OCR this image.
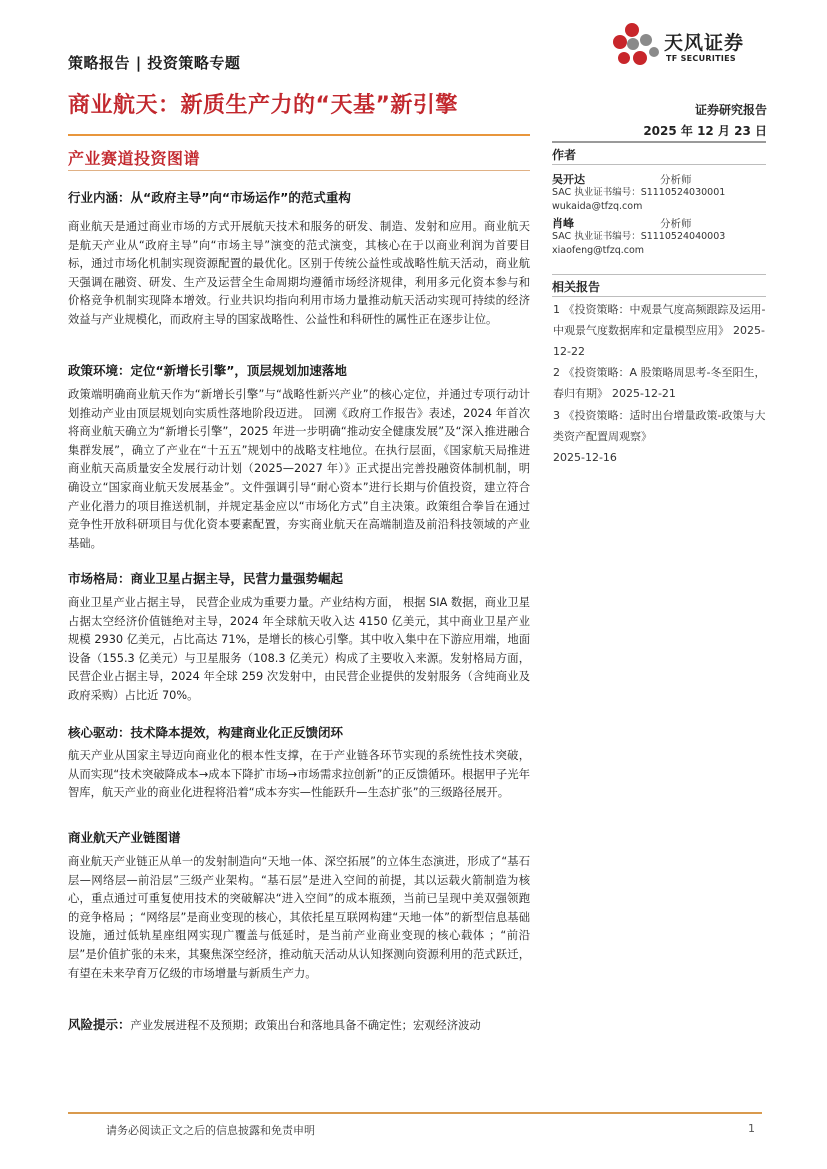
策略报告 | 投资策略专题
天风证券
TF SECURITIES
商业航天：新质生产力的“天基”新引擎	证券研究报告
2025 年 12 月 23 日
产业赛道投资图谱	作者
吴开达	分析师
SAC 执业证书编号：S1110524030001
wukaida@tfzq.com
肖峰	分析师
SAC 执业证书编号：S1110524040003
xiaofeng@tfzq.com
相关报告
1 《投资策略：中观景气度高频跟踪及运用-中观景气度数据库和定量模型应用》 2025-12-22
2 《投资策略：A 股策略周思考-冬至阳生，春归有期》 2025-12-21
3 《投资策略：适时出台增量政策-政策与大类资产配置周观察》
2025-12-16
行业内涵：从“政府主导”向“市场运作”的范式重构
商业航天是通过商业市场的方式开展航天技术和服务的研发、制造、发射和应用。商业航天是航天产业从“政府主导”向“市场主导”演变的范式演变，其核心在于以商业利润为首要目标，通过市场化机制实现资源配置的最优化。区别于传统公益性或战略性航天活动，商业航天强调在融资、研发、生产及运营全生命周期均遵循市场经济规律，利用多元化资本参与和价格竞争机制实现降本增效。行业共识均指向利用市场力量推动航天活动实现可持续的经济效益与产业规模化，而政府主导的国家战略性、公益性和科研性的属性正在逐步让位。
政策环境：定位“新增长引擎”，顶层规划加速落地
政策端明确商业航天作为“新增长引擎”与“战略性新兴产业”的核心定位，并通过专项行动计划推动产业由顶层规划向实质性落地阶段迈进。 回溯《政府工作报告》表述，2024 年首次将商业航天确立为“新增长引擎”，2025 年进一步明确“推动安全健康发展”及“深入推进融合集群发展”，确立了产业在“十五五”规划中的战略支柱地位。在执行层面，《国家航天局推进商业航天高质量安全发展行动计划（2025—2027 年）》正式提出完善投融资体制机制，明确设立“国家商业航天发展基金”。文件强调引导“耐心资本”进行长期与价值投资，建立符合产业化潜力的项目推送机制，并规定基金应以“市场化方式”自主决策。政策组合拳旨在通过竞争性开放科研项目与优化资本要素配置，夯实商业航天在高端制造及前沿科技领域的产业基础。
市场格局：商业卫星占据主导，民营力量强势崛起
商业卫星产业占据主导， 民营企业成为重要力量。产业结构方面， 根据 SIA 数据，商业卫星占据太空经济价值链绝对主导，2024 年全球航天收入达 4150 亿美元，其中商业卫星产业规模 2930 亿美元，占比高达 71%，是增长的核心引擎。其中收入集中在下游应用端，地面设备（155.3 亿美元）与卫星服务（108.3 亿美元）构成了主要收入来源。发射格局方面，民营企业占据主导，2024 年全球 259 次发射中，由民营企业提供的发射服务（含纯商业及政府采购）占比近 70%。
核心驱动：技术降本提效，构建商业化正反馈闭环
航天产业从国家主导迈向商业化的根本性支撑，在于产业链各环节实现的系统性技术突破，从而实现“技术突破降成本→成本下降扩市场→市场需求拉创新”的正反馈循环。根据甲子光年智库，航天产业的商业化进程将沿着“成本夯实—性能跃升—生态扩张”的三级路径展开。
商业航天产业链图谱
商业航天产业链正从单一的发射制造向“天地一体、深空拓展”的立体生态演进，形成了“基石层—网络层—前沿层”三级产业架构。“基石层”是进入空间的前提，其以运载火箭制造为核心，重点通过可重复使用技术的突破解决“进入空间”的成本瓶颈，当前已呈现中美双强领跑的竞争格局 ；“网络层”是商业变现的核心，其依托星互联网构建“天地一体”的新型信息基础设施，通过低轨星座组网实现广覆盖与低延时，是当前产业商业变现的核心载体 ；“前沿层”是价值扩张的未来，其聚焦深空经济，推动航天活动从认知探测向资源利用的范式跃迁，有望在未来孕育万亿级的市场增量与新质生产力。
风险提示：产业发展进程不及预期；政策出台和落地具备不确定性；宏观经济波动
请务必阅读正文之后的信息披露和免责申明	1
